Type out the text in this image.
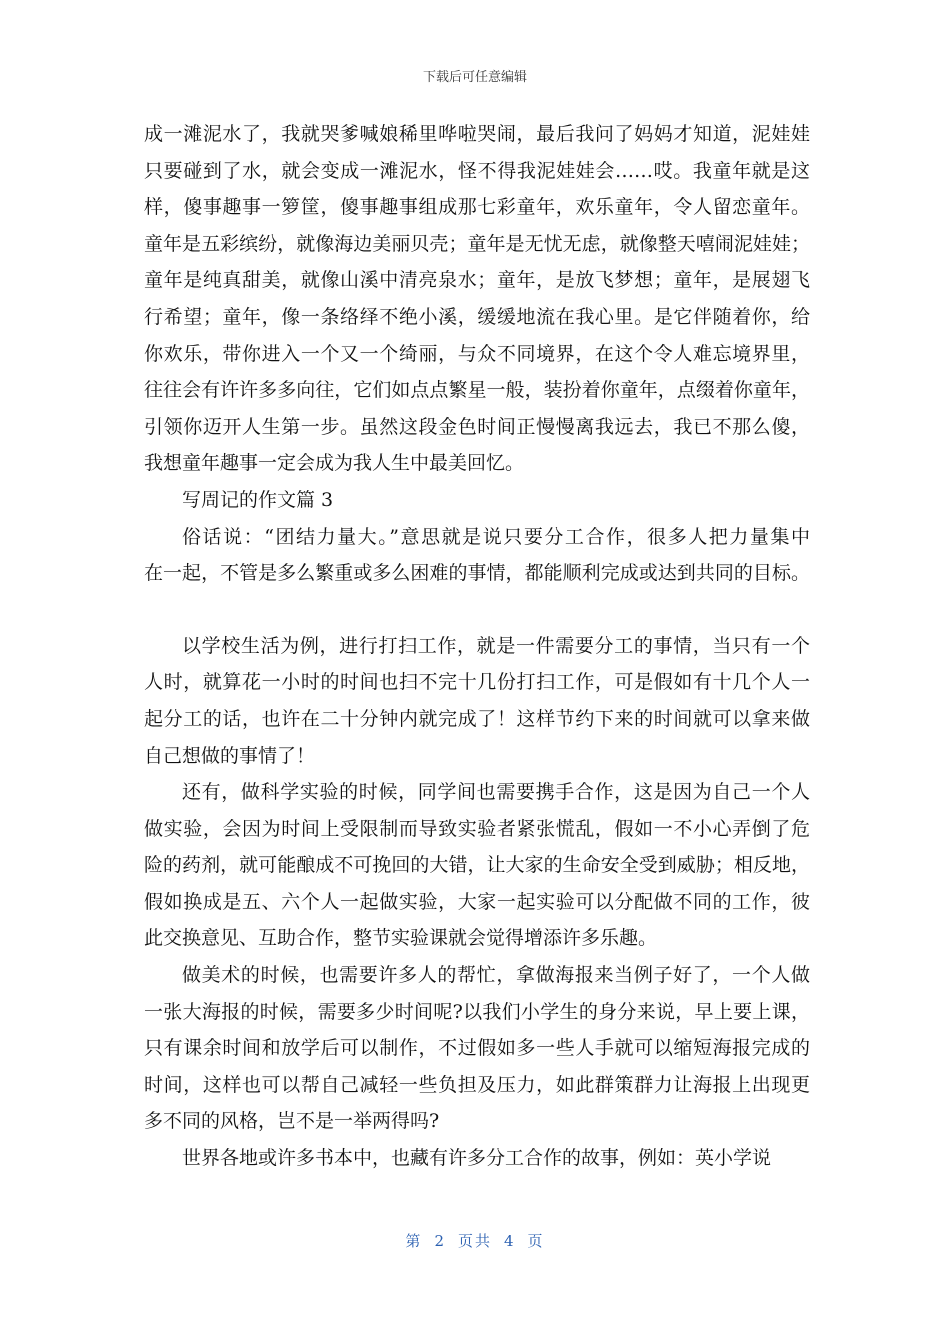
下载后可任意编辑
成一滩泥水了，我就哭爹喊娘稀里哗啦哭闹，最后我问了妈妈才知道，泥娃娃
只要碰到了水，就会变成一滩泥水，怪不得我泥娃娃会……哎。我童年就是这
样，傻事趣事一箩筐，傻事趣事组成那七彩童年，欢乐童年，令人留恋童年。
童年是五彩缤纷，就像海边美丽贝壳；童年是无忧无虑，就像整天嘻闹泥娃娃；
童年是纯真甜美，就像山溪中清亮泉水；童年，是放飞梦想；童年，是展翅飞
行希望；童年，像一条络绎不绝小溪，缓缓地流在我心里。是它伴随着你，给
你欢乐，带你进入一个又一个绮丽，与众不同境界，在这个令人难忘境界里，
往往会有许许多多向往，它们如点点繁星一般，装扮着你童年，点缀着你童年，
引领你迈开人生第一步。虽然这段金色时间正慢慢离我远去，我已不那么傻，
我想童年趣事一定会成为我人生中最美回忆。
写周记的作文篇 3
俗话说：“团结力量大。”意思就是说只要分工合作，很多人把力量集中
在一起，不管是多么繁重或多么困难的事情，都能顺利完成或达到共同的目标。
以学校生活为例，进行打扫工作，就是一件需要分工的事情，当只有一个
人时，就算花一小时的时间也扫不完十几份打扫工作，可是假如有十几个人一
起分工的话，也许在二十分钟内就完成了！这样节约下来的时间就可以拿来做
自己想做的事情了！
还有，做科学实验的时候，同学间也需要携手合作，这是因为自己一个人
做实验，会因为时间上受限制而导致实验者紧张慌乱，假如一不小心弄倒了危
险的药剂，就可能酿成不可挽回的大错，让大家的生命安全受到威胁；相反地，
假如换成是五、六个人一起做实验，大家一起实验可以分配做不同的工作，彼
此交换意见、互助合作，整节实验课就会觉得增添许多乐趣。
做美术的时候，也需要许多人的帮忙，拿做海报来当例子好了，一个人做
一张大海报的时候，需要多少时间呢?以我们小学生的身分来说，早上要上课，
只有课余时间和放学后可以制作，不过假如多一些人手就可以缩短海报完成的
时间，这样也可以帮自己减轻一些负担及压力，如此群策群力让海报上出现更
多不同的风格，岂不是一举两得吗?
世界各地或许多书本中，也藏有许多分工合作的故事，例如：英小学说
第 2 页共 4 页
